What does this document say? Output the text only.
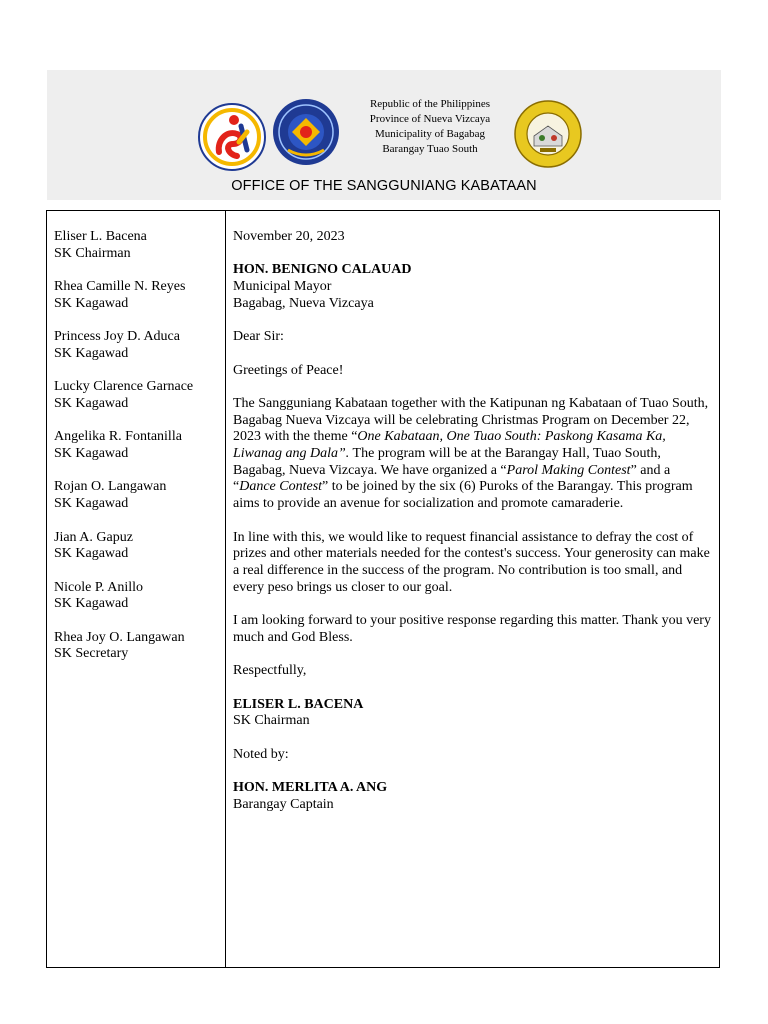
Republic of the Philippines
Province of Nueva Vizcaya
Municipality of Bagabag
Barangay Tuao South
OFFICE OF THE SANGGUNIANG KABATAAN
Eliser L. Bacena
SK Chairman
Rhea Camille N. Reyes
SK Kagawad
Princess Joy D. Aduca
SK Kagawad
Lucky Clarence Garnace
SK Kagawad
Angelika R. Fontanilla
SK Kagawad
Rojan O. Langawan
SK Kagawad
Jian A. Gapuz
SK Kagawad
Nicole P. Anillo
SK Kagawad
Rhea Joy O. Langawan
SK Secretary

November 20, 2023

HON. BENIGNO CALAUAD
Municipal Mayor
Bagabag, Nueva Vizcaya

Dear Sir:

Greetings of Peace!

The Sangguniang Kabataan together with the Katipunan ng Kabataan of Tuao South, Bagabag Nueva Vizcaya will be celebrating Christmas Program on December 22, 2023 with the theme “One Kabataan, One Tuao South: Paskong Kasama Ka, Liwanag ang Dala”. The program will be at the Barangay Hall, Tuao South, Bagabag, Nueva Vizcaya. We have organized a “Parol Making Contest” and a “Dance Contest” to be joined by the six (6) Puroks of the Barangay. This program aims to provide an avenue for socialization and promote camaraderie.

In line with this, we would like to request financial assistance to defray the cost of prizes and other materials needed for the contest's success. Your generosity can make a real difference in the success of the program. No contribution is too small, and every peso brings us closer to our goal.

I am looking forward to your positive response regarding this matter. Thank you very much and God Bless.

Respectfully,

ELISER L. BACENA
SK Chairman

Noted by:

HON. MERLITA A. ANG
Barangay Captain
